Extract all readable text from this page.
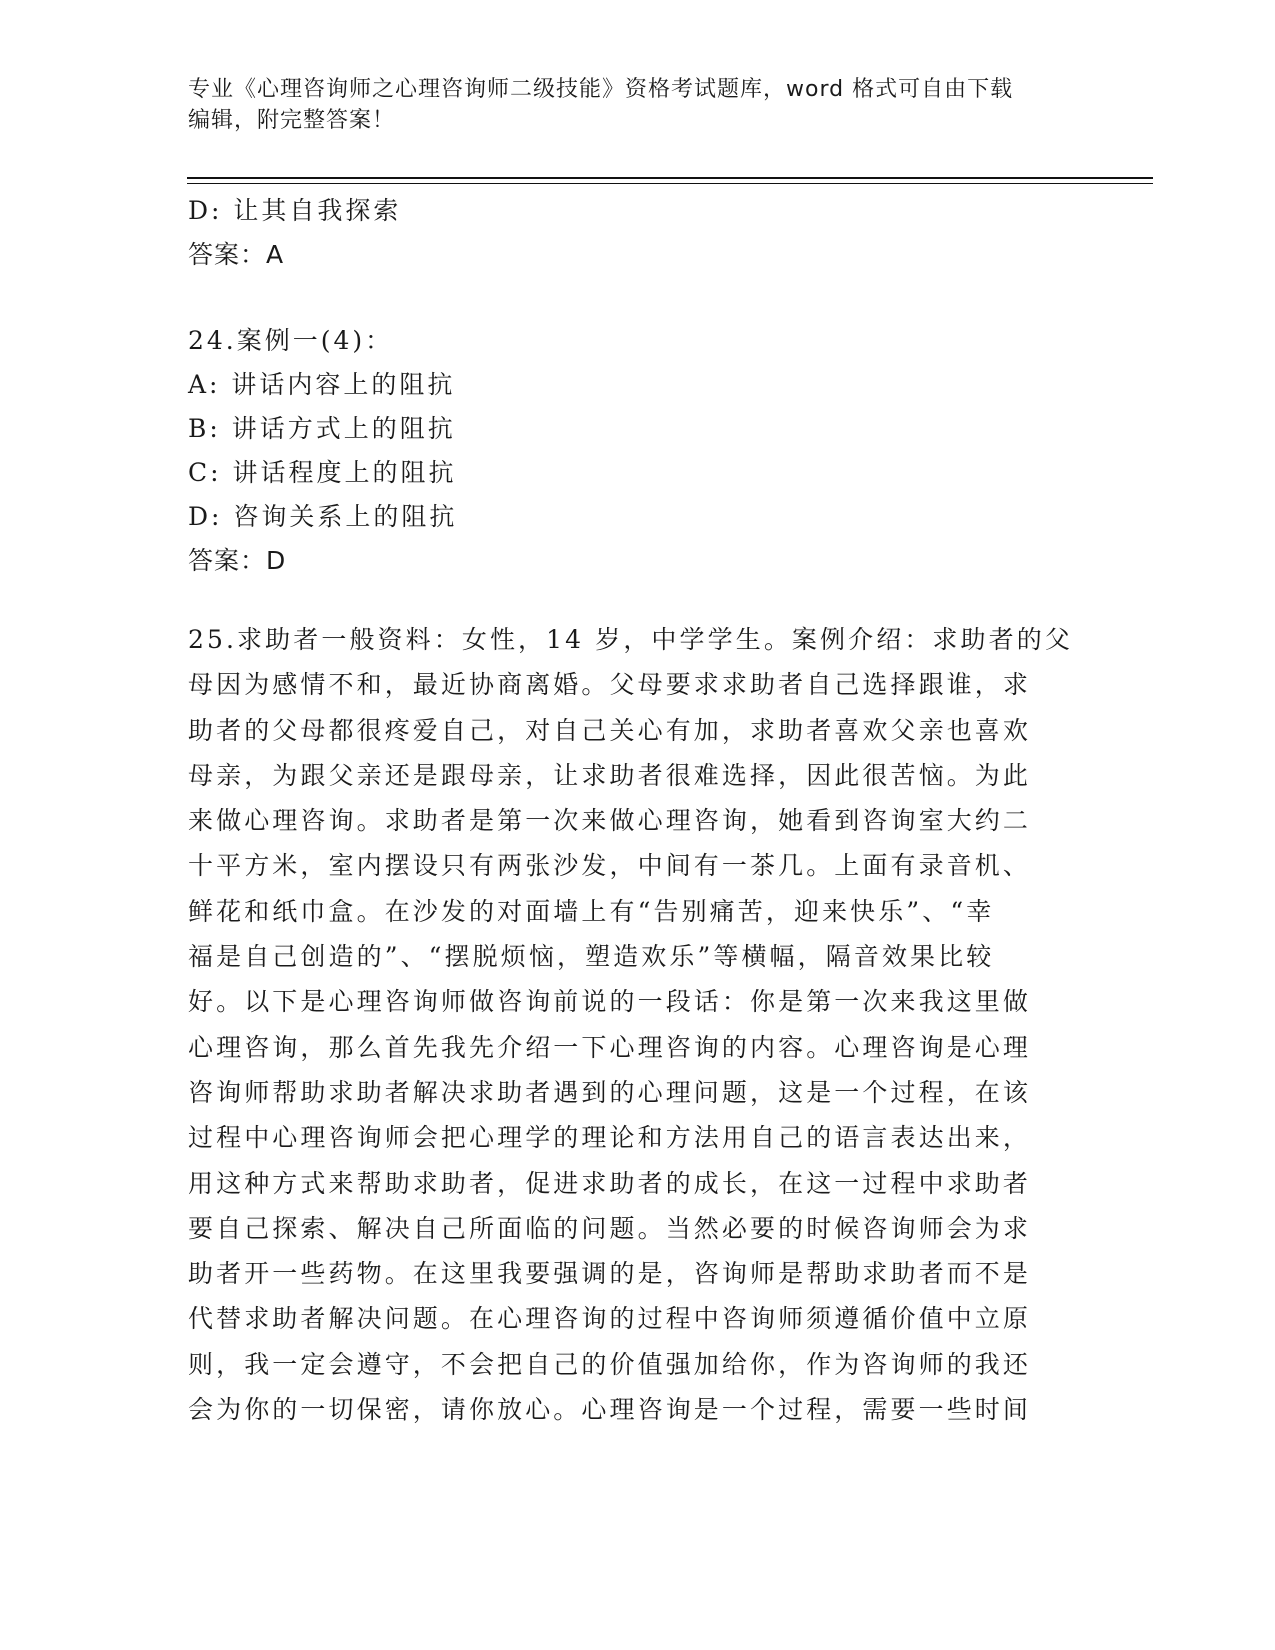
专业《心理咨询师之心理咨询师二级技能》资格考试题库，word 格式可自由下载
编辑，附完整答案！
D: 让其自我探索
答案：A
24.案例一(4)：
A: 讲话内容上的阻抗
B: 讲话方式上的阻抗
C: 讲话程度上的阻抗
D: 咨询关系上的阻抗
答案：D
25.求助者一般资料：女性，14 岁，中学学生。案例介绍：求助者的父
母因为感情不和，最近协商离婚。父母要求求助者自己选择跟谁，求
助者的父母都很疼爱自己，对自己关心有加，求助者喜欢父亲也喜欢
母亲，为跟父亲还是跟母亲，让求助者很难选择，因此很苦恼。为此
来做心理咨询。求助者是第一次来做心理咨询，她看到咨询室大约二
十平方米，室内摆设只有两张沙发，中间有一茶几。上面有录音机、
鲜花和纸巾盒。在沙发的对面墙上有“告别痛苦，迎来快乐”、“幸
福是自己创造的”、“摆脱烦恼，塑造欢乐”等横幅，隔音效果比较
好。以下是心理咨询师做咨询前说的一段话：你是第一次来我这里做
心理咨询，那么首先我先介绍一下心理咨询的内容。心理咨询是心理
咨询师帮助求助者解决求助者遇到的心理问题，这是一个过程，在该
过程中心理咨询师会把心理学的理论和方法用自己的语言表达出来，
用这种方式来帮助求助者，促进求助者的成长，在这一过程中求助者
要自己探索、解决自己所面临的问题。当然必要的时候咨询师会为求
助者开一些药物。在这里我要强调的是，咨询师是帮助求助者而不是
代替求助者解决问题。在心理咨询的过程中咨询师须遵循价值中立原
则，我一定会遵守，不会把自己的价值强加给你，作为咨询师的我还
会为你的一切保密，请你放心。心理咨询是一个过程，需要一些时间
